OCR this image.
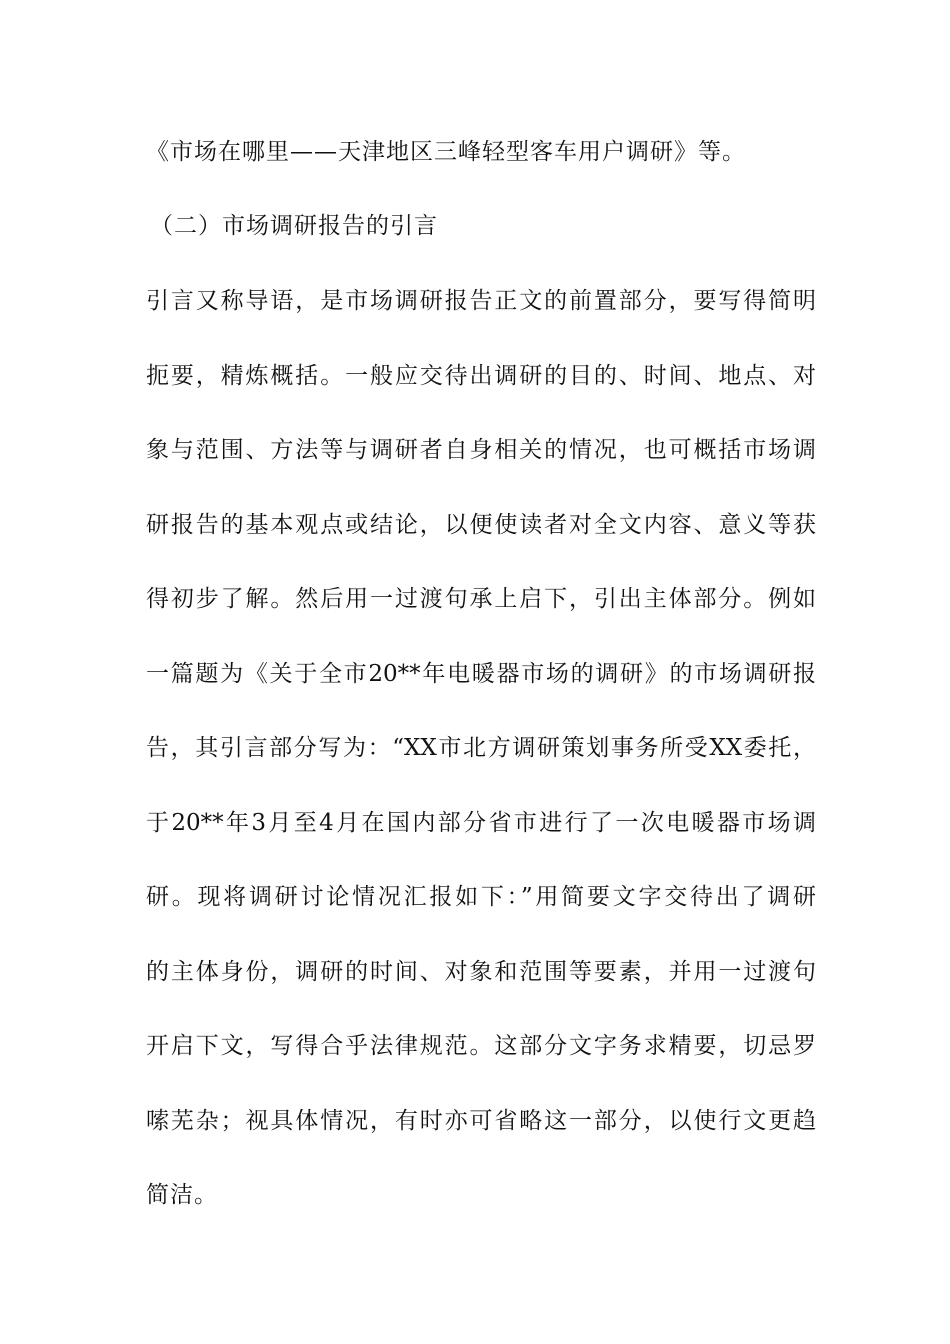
《市场在哪里——天津地区三峰轻型客车用户调研》等。
（二）市场调研报告的引言
引言又称导语，是市场调研报告正文的前置部分，要写得简明
扼要，精炼概括。一般应交待出调研的目的、时间、地点、对
象与范围、方法等与调研者自身相关的情况，也可概括市场调
研报告的基本观点或结论，以便使读者对全文内容、意义等获
得初步了解。然后用一过渡句承上启下，引出主体部分。例如
一篇题为《关于全市20**年电暖器市场的调研》的市场调研报
告，其引言部分写为：“XX市北方调研策划事务所受XX委托，
于20**年3月至4月在国内部分省市进行了一次电暖器市场调
研。现将调研讨论情况汇报如下：”用简要文字交待出了调研
的主体身份，调研的时间、对象和范围等要素，并用一过渡句
开启下文，写得合乎法律规范。这部分文字务求精要，切忌罗
嗦芜杂；视具体情况，有时亦可省略这一部分，以使行文更趋
简洁。
